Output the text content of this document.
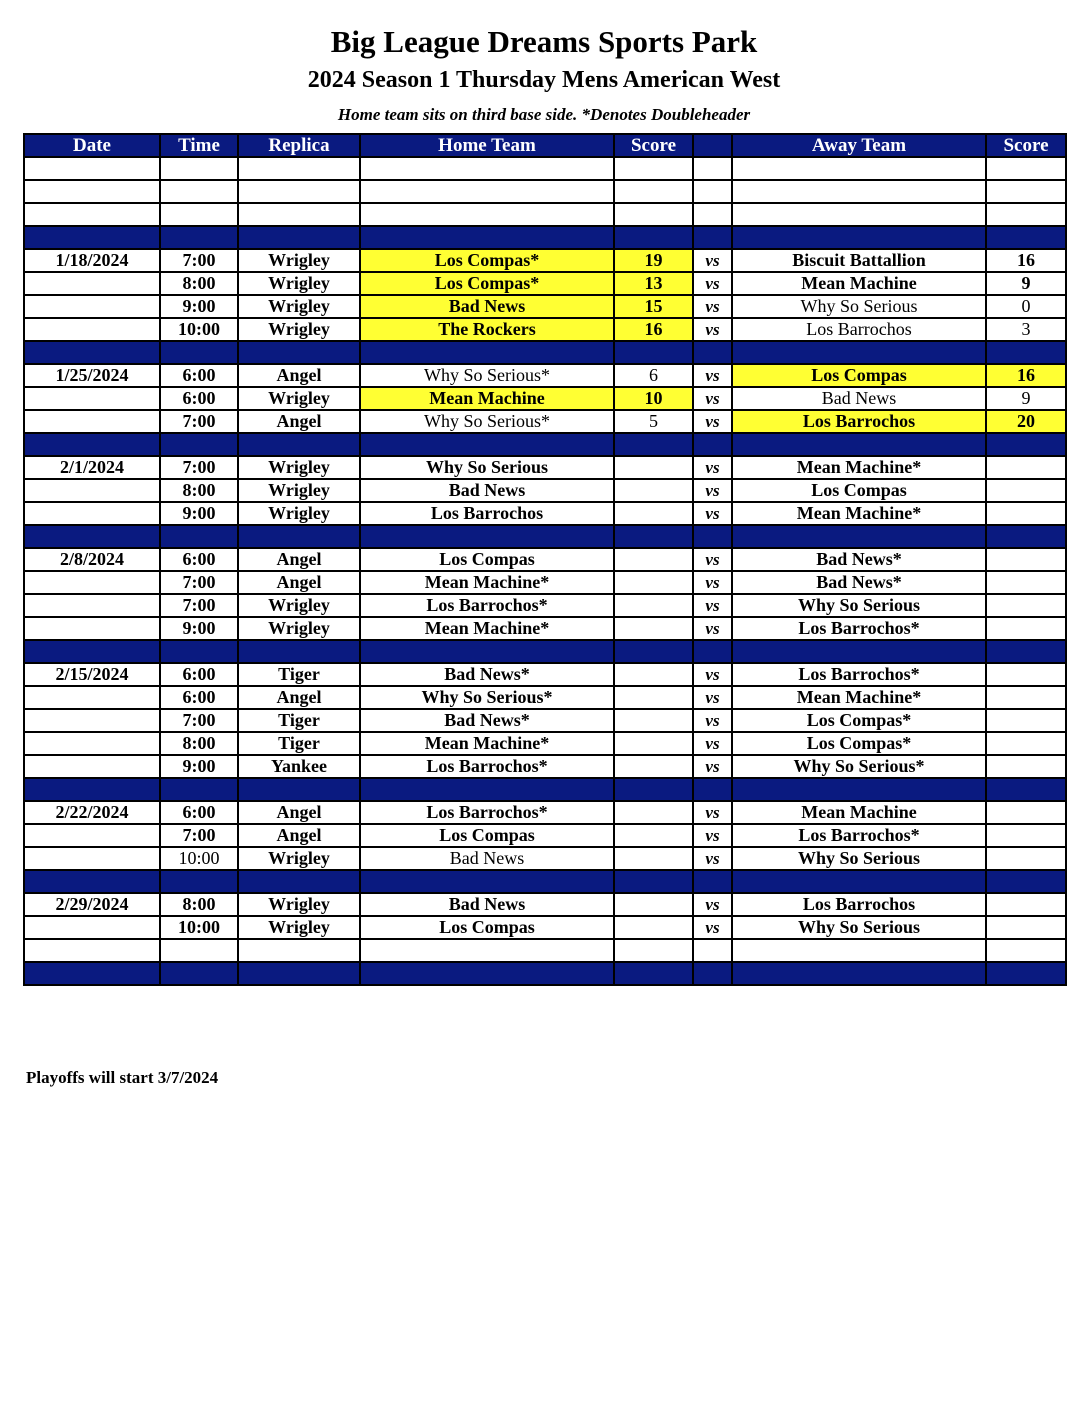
Big League Dreams Sports Park
2024 Season 1 Thursday Mens American West
Home team sits on third base side. *Denotes Doubleheader
Date	Time	Replica	Home Team	Score		Away Team	Score

1/18/2024	7:00	Wrigley	Los Compas*	19	vs	Biscuit Battallion	16
	8:00	Wrigley	Los Compas*	13	vs	Mean Machine	9
	9:00	Wrigley	Bad News	15	vs	Why So Serious	0
	10:00	Wrigley	The Rockers	16	vs	Los Barrochos	3

1/25/2024	6:00	Angel	Why So Serious*	6	vs	Los Compas	16
	6:00	Wrigley	Mean Machine	10	vs	Bad News	9
	7:00	Angel	Why So Serious*	5	vs	Los Barrochos	20

2/1/2024	7:00	Wrigley	Why So Serious		vs	Mean Machine*	
	8:00	Wrigley	Bad News		vs	Los Compas	
	9:00	Wrigley	Los Barrochos		vs	Mean Machine*	

2/8/2024	6:00	Angel	Los Compas		vs	Bad News*	
	7:00	Angel	Mean Machine*		vs	Bad News*	
	7:00	Wrigley	Los Barrochos*		vs	Why So Serious	
	9:00	Wrigley	Mean Machine*		vs	Los Barrochos*	

2/15/2024	6:00	Tiger	Bad News*		vs	Los Barrochos*	
	6:00	Angel	Why So Serious*		vs	Mean Machine*	
	7:00	Tiger	Bad News*		vs	Los Compas*	
	8:00	Tiger	Mean Machine*		vs	Los Compas*	
	9:00	Yankee	Los Barrochos*		vs	Why So Serious*	

2/22/2024	6:00	Angel	Los Barrochos*		vs	Mean Machine	
	7:00	Angel	Los Compas		vs	Los Barrochos*	
	10:00	Wrigley	Bad News		vs	Why So Serious	

2/29/2024	8:00	Wrigley	Bad News		vs	Los Barrochos	
	10:00	Wrigley	Los Compas		vs	Why So Serious	

Playoffs will start 3/7/2024
